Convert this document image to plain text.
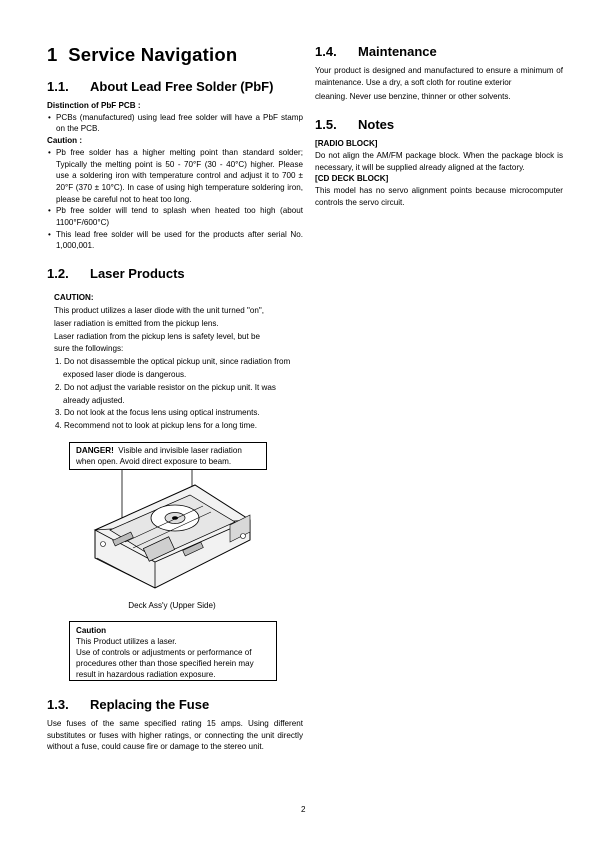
1 Service Navigation
1.1. About Lead Free Solder (PbF)

Distinction of PbF PCB :

• PCBs (manufactured) using lead free solder will have a PbF stamp on the PCB.

Caution :

• Pb free solder has a higher melting point than standard solder; Typically the melting point is 50 - 70°F (30 - 40°C) higher. Please use a soldering iron with temperature control and adjust it to 700 ± 20°F (370 ± 10°C). In case of using high temperature soldering iron, please be careful not to heat too long.
• Pb free solder will tend to splash when heated too high (about 1100°F/600°C)
• This lead free solder will be used for the products after serial No. 1,000,001.
1.2. Laser Products

CAUTION:

This product utilizes a laser diode with the unit turned "on",

laser radiation is emitted from the pickup lens.

Laser radiation from the pickup lens is safety level, but be

sure the followings:

1. Do not disassemble the optical pickup unit, since radiation from exposed laser diode is dangerous.
2. Do not adjust the variable resistor on the pickup unit. It was already adjusted.
3. Do not look at the focus lens using optical instruments.
4. Recommend not to look at pickup lens for a long time.

DANGER! Visible and invisible laser radiation when open. Avoid direct exposure to beam.

Deck Ass'y (Upper Side)

Caution

This Product utilizes a laser.

Use of controls or adjustments or performance of procedures other than those specified herein may result in hazardous radiation exposure.

1.3. Replacing the Fuse

Use fuses of the same specified rating 15 amps. Using different substitutes or fuses with higher ratings, or connecting the unit directly without a fuse, could cause fire or damage to the stereo unit.

1.4. Maintenance

Your product is designed and manufactured to ensure a minimum of maintenance. Use a dry, a soft cloth for routine exterior

cleaning. Never use benzine, thinner or other solvents.

1.5. Notes

[RADIO BLOCK]

Do not align the AM/FM package block. When the package block is necessary, it will be supplied already aligned at the factory.

[CD DECK BLOCK]

This model has no servo alignment points because microcomputer controls the servo circuit.

2
